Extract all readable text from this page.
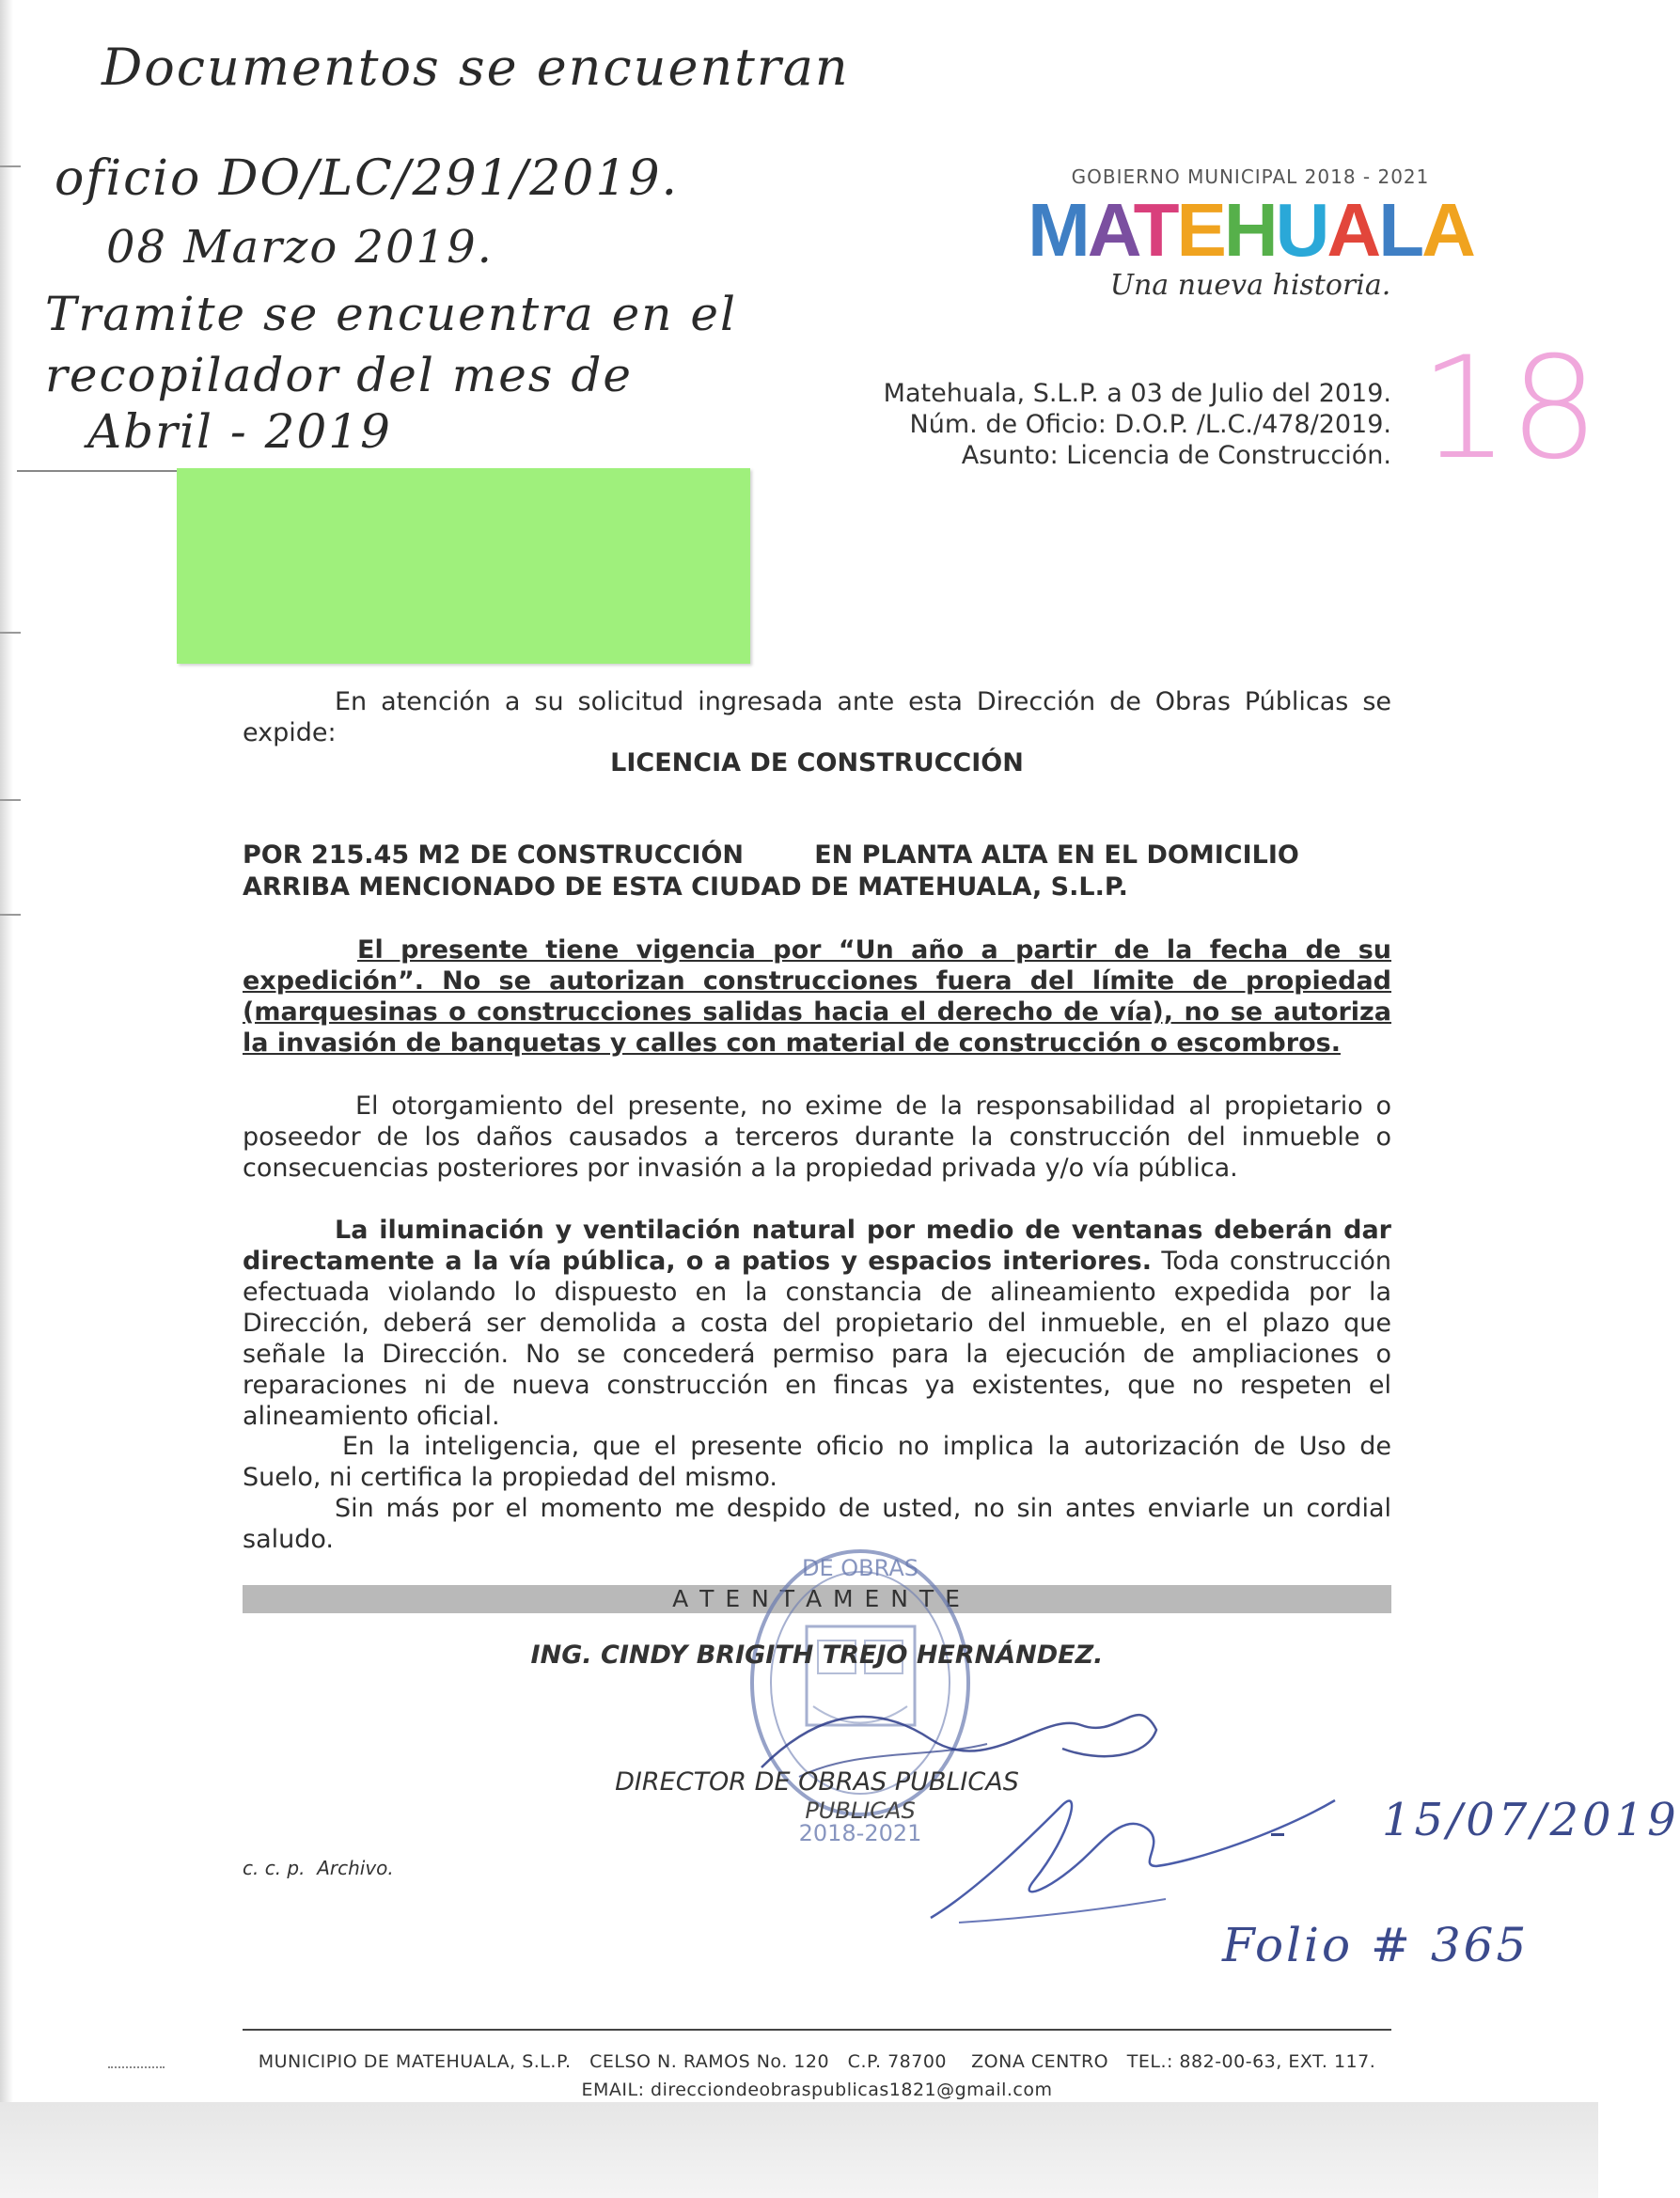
Documentos se encuentran
oficio DO/LC/291/2019.
08 Marzo 2019.
Tramite se encuentra en el
recopilador del mes de
Abril - 2019
GOBIERNO MUNICIPAL 2018 - 2021
MATEHUALA
Una nueva historia.
18
Matehuala, S.L.P. a 03 de Julio del 2019.
Núm. de Oficio: D.O.P. /L.C./478/2019.
Asunto: Licencia de Construcción.
En atención a su solicitud ingresada ante esta Dirección de Obras Públicas se expide:
LICENCIA DE CONSTRUCCIÓN
POR 215.45 M2 DE CONSTRUCCIÓN        EN PLANTA ALTA EN EL DOMICILIO
ARRIBA MENCIONADO DE ESTA CIUDAD DE MATEHUALA, S.L.P.
El presente tiene vigencia por “Un año a partir de la fecha de su expedición”. No se autorizan construcciones fuera del límite de propiedad (marquesinas o construcciones salidas hacia el derecho de vía), no se autoriza la invasión de banquetas y calles con material de construcción o escombros.
El otorgamiento del presente, no exime de la responsabilidad al propietario o poseedor de los daños causados a terceros durante la construcción del inmueble o consecuencias posteriores por invasión a la propiedad privada y/o vía pública.
La iluminación y ventilación natural por medio de ventanas deberán dar directamente a la vía pública, o a patios y espacios interiores. Toda construcción efectuada violando lo dispuesto en la constancia de alineamiento expedida por la Dirección, deberá ser demolida a costa del propietario del inmueble, en el plazo que señale la Dirección. No se concederá permiso para la ejecución de ampliaciones o reparaciones ni de nueva construcción en fincas ya existentes, que no respeten el alineamiento oficial.
En la inteligencia, que el presente oficio no implica la autorización de Uso de Suelo, ni certifica la propiedad del mismo.
Sin más por el momento me despido de usted, no sin antes enviarle un cordial saludo.
A T E N T A M E N T E
DE OBRAS
2018-2021
ING. CINDY BRIGITH TREJO HERNÁNDEZ.
DIRECTOR DE OBRAS PUBLICAS
PUBLICAS
c. c. p.  Archivo.
15/07/2019
Folio # 365
MUNICIPIO DE MATEHUALA, S.L.P.   CELSO N. RAMOS No. 120   C.P. 78700    ZONA CENTRO   TEL.: 882-00-63, EXT. 117.
EMAIL: direcciondeobraspublicas1821@gmail.com
